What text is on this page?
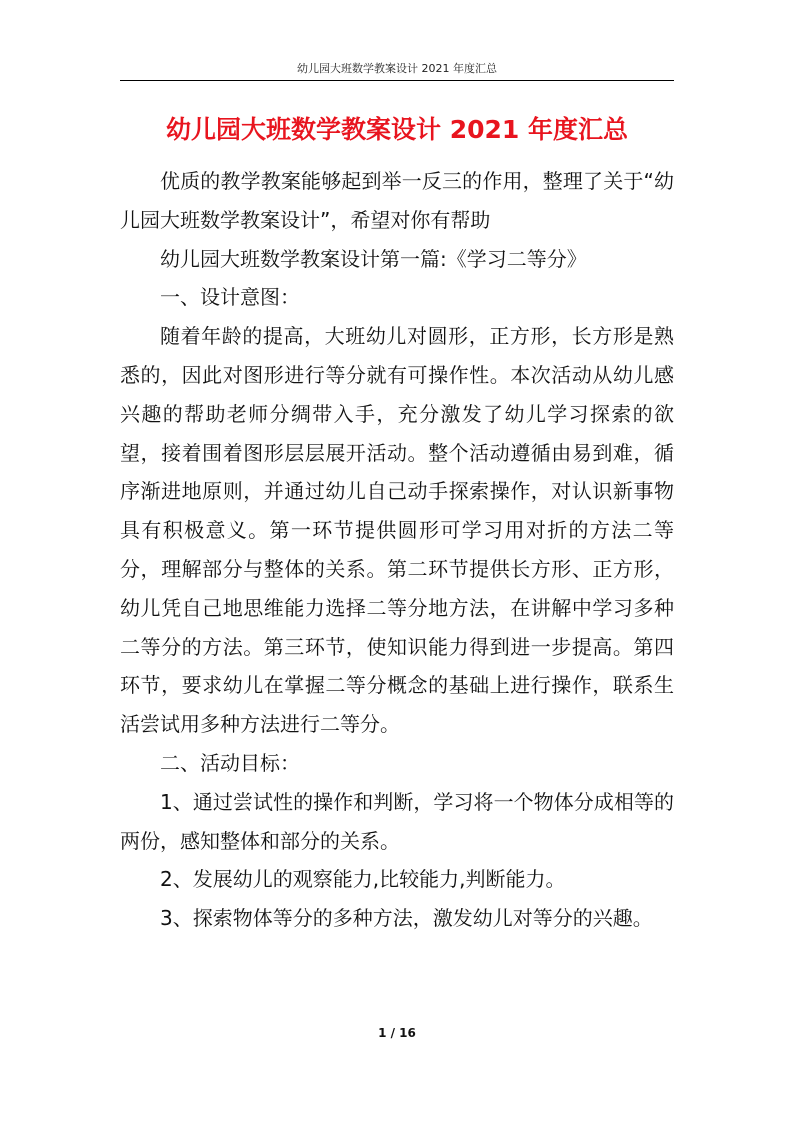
幼儿园大班数学教案设计 2021 年度汇总
幼儿园大班数学教案设计 2021 年度汇总

优质的教学教案能够起到举一反三的作用，整理了关于“幼儿园大班数学教案设计”，希望对你有帮助

幼儿园大班数学教案设计第一篇:《学习二等分》

一、设计意图：

随着年龄的提高，大班幼儿对圆形，正方形，长方形是熟悉的，因此对图形进行等分就有可操作性。本次活动从幼儿感兴趣的帮助老师分绸带入手，充分激发了幼儿学习探索的欲望，接着围着图形层层展开活动。整个活动遵循由易到难，循序渐进地原则，并通过幼儿自己动手探索操作，对认识新事物具有积极意义。第一环节提供圆形可学习用对折的方法二等分，理解部分与整体的关系。第二环节提供长方形、正方形，幼儿凭自己地思维能力选择二等分地方法，在讲解中学习多种二等分的方法。第三环节，使知识能力得到进一步提高。第四环节，要求幼儿在掌握二等分概念的基础上进行操作，联系生活尝试用多种方法进行二等分。

二、活动目标：

1、通过尝试性的操作和判断，学习将一个物体分成相等的两份，感知整体和部分的关系。

2、发展幼儿的观察能力,比较能力,判断能力。

3、探索物体等分的多种方法，激发幼儿对等分的兴趣。

1 / 16
